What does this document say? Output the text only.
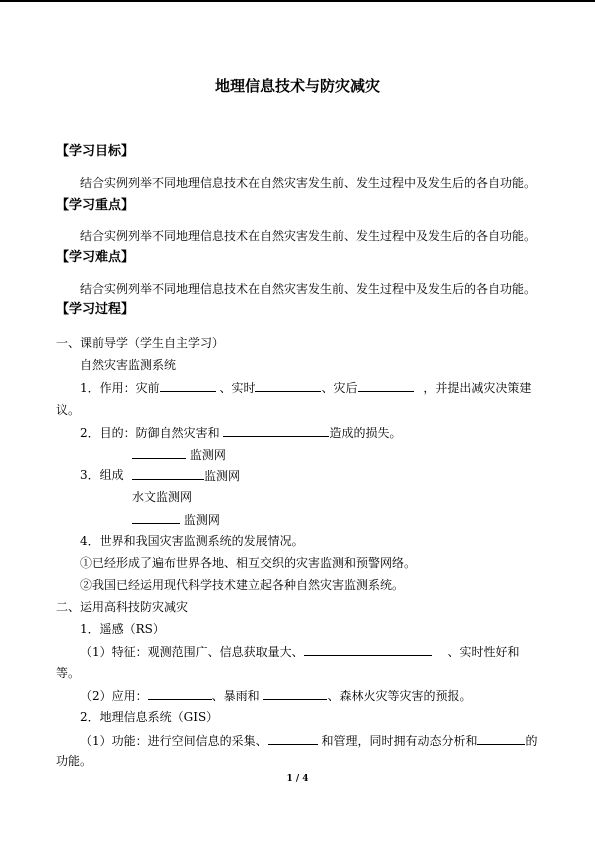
地理信息技术与防灾减灾
【学习目标】
结合实例列举不同地理信息技术在自然灾害发生前、发生过程中及发生后的各自功能。
【学习重点】
结合实例列举不同地理信息技术在自然灾害发生前、发生过程中及发生后的各自功能。
【学习难点】
结合实例列举不同地理信息技术在自然灾害发生前、发生过程中及发生后的各自功能。
【学习过程】
一、课前导学（学生自主学习）
自然灾害监测系统
1．作用：灾前	、实时	、灾后	，并提出减灾决策建
议。
2．目的：防御自然灾害和	造成的损失。
监测网
3．组成	监测网
水文监测网
监测网
4．世界和我国灾害监测系统的发展情况。
①已经形成了遍布世界各地、相互交织的灾害监测和预警网络。
②我国已经运用现代科学技术建立起各种自然灾害监测系统。
二、运用高科技防灾减灾
1．遥感（RS）
（1）特征：观测范围广、信息获取量大、	、实时性好和
等。
（2）应用：	、暴雨和	、森林火灾等灾害的预报。
2．地理信息系统（GIS）
（1）功能：进行空间信息的采集、	和管理，同时拥有动态分析和	的
功能。
1 / 4
